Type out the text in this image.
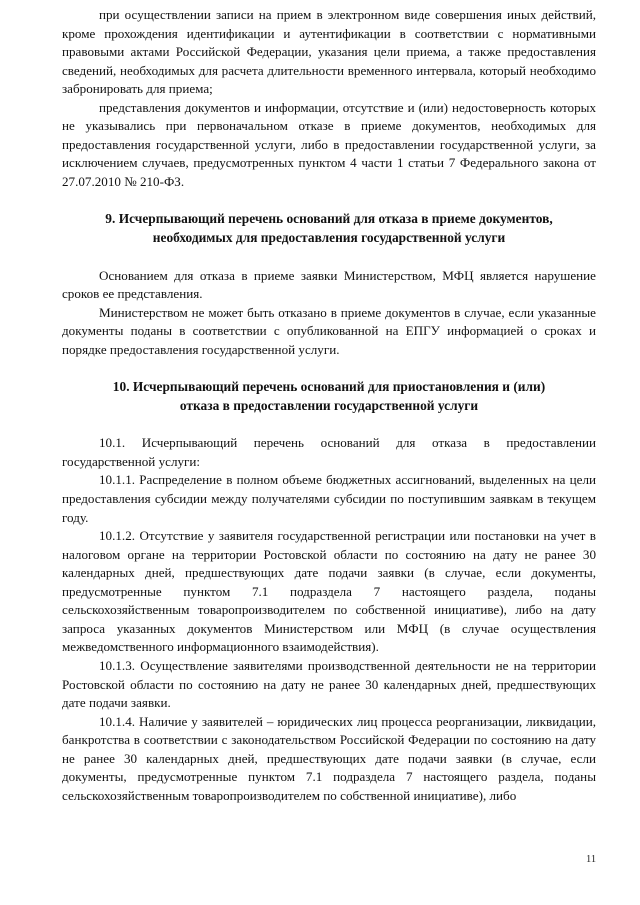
при осуществлении записи на прием в электронном виде совершения иных действий, кроме прохождения идентификации и аутентификации в соответствии с нормативными правовыми актами Российской Федерации, указания цели приема, а также предоставления сведений, необходимых для расчета длительности временного интервала, который необходимо забронировать для приема;

представления документов и информации, отсутствие и (или) недостоверность которых не указывались при первоначальном отказе в приеме документов, необходимых для предоставления государственной услуги, либо в предоставлении государственной услуги, за исключением случаев, предусмотренных пунктом 4 части 1 статьи 7 Федерального закона от 27.07.2010 № 210-ФЗ.

9. Исчерпывающий перечень оснований для отказа в приеме документов,

необходимых для предоставления государственной услуги

Основанием для отказа в приеме заявки Министерством, МФЦ является нарушение сроков ее представления.

Министерством не может быть отказано в приеме документов в случае, если указанные документы поданы в соответствии с опубликованной на ЕПГУ информацией о сроках и порядке предоставления государственной услуги.

10. Исчерпывающий перечень оснований для приостановления и (или)

отказа в предоставлении государственной услуги

10.1. Исчерпывающий перечень оснований для отказа в предоставлении государственной услуги:

10.1.1. Распределение в полном объеме бюджетных ассигнований, выделенных на цели предоставления субсидии между получателями субсидии по поступившим заявкам в текущем году.

10.1.2. Отсутствие у заявителя государственной регистрации или постановки на учет в налоговом органе на территории Ростовской области по состоянию на дату не ранее 30 календарных дней, предшествующих дате подачи заявки (в случае, если документы, предусмотренные пунктом 7.1 подраздела 7 настоящего раздела, поданы сельскохозяйственным товаропроизводителем по собственной инициативе), либо на дату запроса указанных документов Министерством или МФЦ (в случае осуществления межведомственного информационного взаимодействия).

10.1.3. Осуществление заявителями производственной деятельности не на территории Ростовской области по состоянию на дату не ранее 30 календарных дней, предшествующих дате подачи заявки.

10.1.4. Наличие у заявителей – юридических лиц процесса реорганизации, ликвидации, банкротства в соответствии с законодательством Российской Федерации по состоянию на дату не ранее 30 календарных дней, предшествующих дате подачи заявки (в случае, если документы, предусмотренные пунктом 7.1 подраздела 7 настоящего раздела, поданы сельскохозяйственным товаропроизводителем по собственной инициативе), либо

11
